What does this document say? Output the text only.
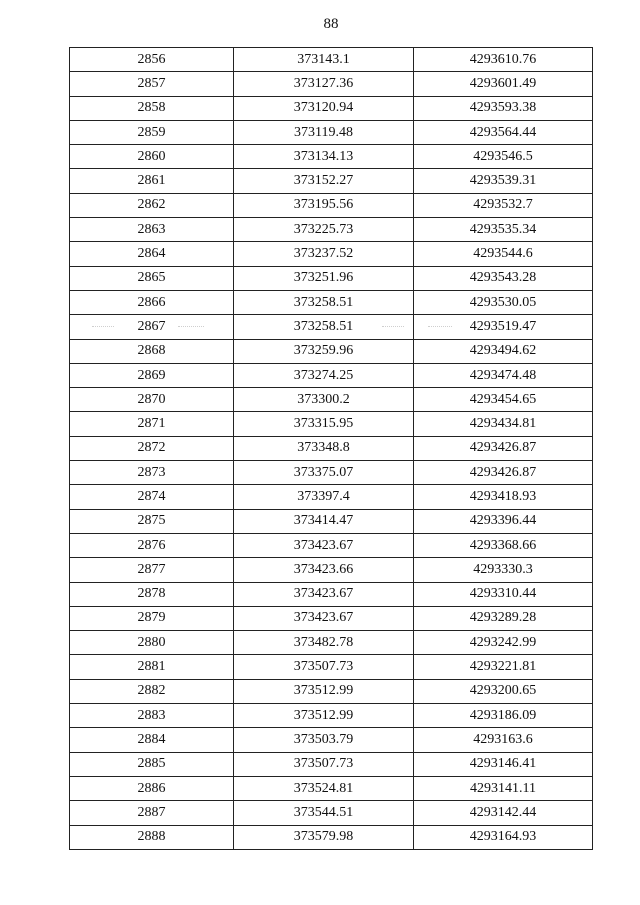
88
2856	373143.1	4293610.76
2857	373127.36	4293601.49
2858	373120.94	4293593.38
2859	373119.48	4293564.44
2860	373134.13	4293546.5
2861	373152.27	4293539.31
2862	373195.56	4293532.7
2863	373225.73	4293535.34
2864	373237.52	4293544.6
2865	373251.96	4293543.28
2866	373258.51	4293530.05
2867	373258.51	4293519.47
2868	373259.96	4293494.62
2869	373274.25	4293474.48
2870	373300.2	4293454.65
2871	373315.95	4293434.81
2872	373348.8	4293426.87
2873	373375.07	4293426.87
2874	373397.4	4293418.93
2875	373414.47	4293396.44
2876	373423.67	4293368.66
2877	373423.66	4293330.3
2878	373423.67	4293310.44
2879	373423.67	4293289.28
2880	373482.78	4293242.99
2881	373507.73	4293221.81
2882	373512.99	4293200.65
2883	373512.99	4293186.09
2884	373503.79	4293163.6
2885	373507.73	4293146.41
2886	373524.81	4293141.11
2887	373544.51	4293142.44
2888	373579.98	4293164.93
